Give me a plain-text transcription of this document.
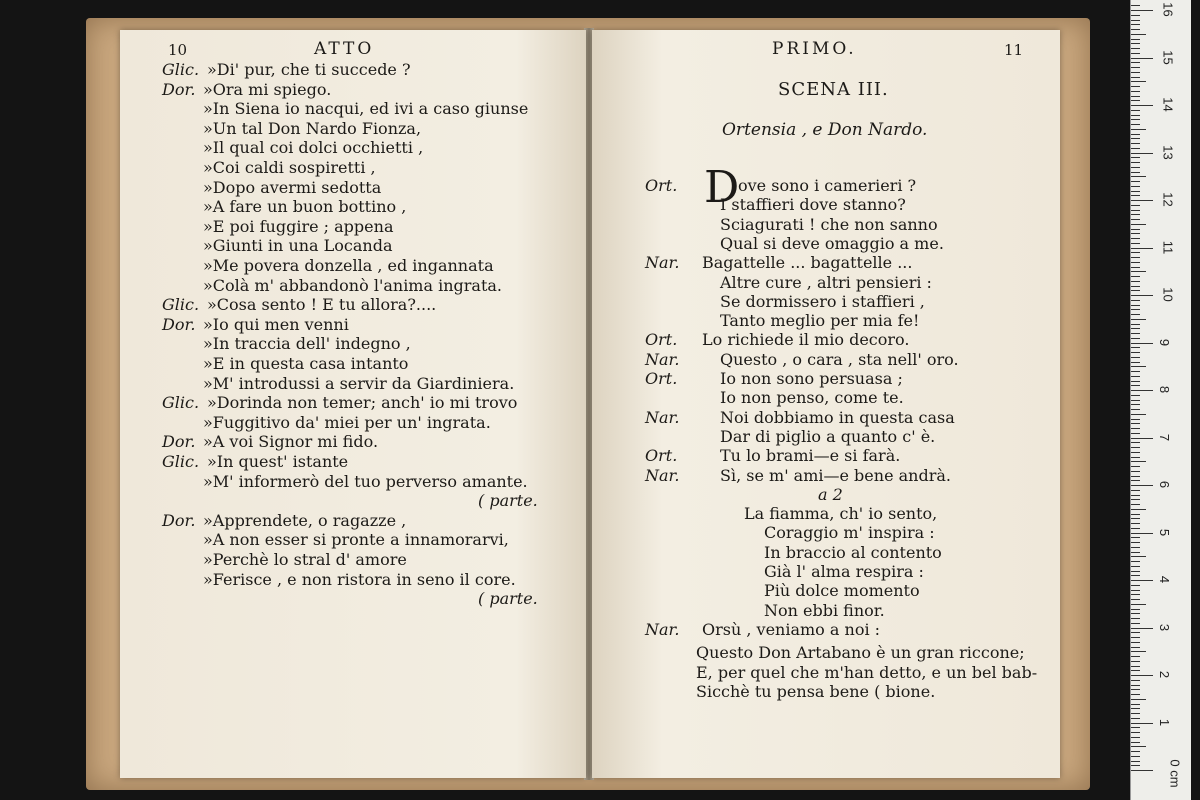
10	ATTO
Glic. »Di' pur, che ti succede ?
Dor. »Ora mi spiego.
»In Siena io nacqui, ed ivi a caso giunse
»Un tal Don Nardo Fionza,
»Il qual coi dolci occhietti ,
»Coi caldi sospiretti ,
»Dopo avermi sedotta
»A fare un buon bottino ,
»E poi fuggire ; appena
»Giunti in una Locanda
»Me povera donzella , ed ingannata
»Colà m' abbandonò l'anima ingrata.
Glic. »Cosa sento ! E tu allora?....
Dor. »Io qui men venni
»In traccia dell' indegno ,
»E in questa casa intanto
»M' introdussi a servir da Giardiniera.
Glic. »Dorinda non temer; anch' io mi trovo
»Fuggitivo da' miei per un' ingrata.
Dor. »A voi Signor mi fido.
Glic. »In quest' istante
»M' informerò del tuo perverso amante.
( parte.
Dor. »Apprendete, o ragazze ,
»A non esser si pronte a innamorarvi,
»Perchè lo stral d' amore
»Ferisce , e non ristora in seno il core.
( parte.
PRIMO.	11
SCENA III.
Ortensia , e Don Nardo.
D
Ort.	ove sono i camerieri ?
I staffieri dove stanno?
Sciagurati ! che non sanno
Qual si deve omaggio a me.
Nar. Bagattelle ... bagattelle ...
Altre cure , altri pensieri :
Se dormissero i staffieri ,
Tanto meglio per mia fe!
Ort. Lo richiede il mio decoro.
Nar.	Questo , o cara , sta nell' oro.
Ort.	Io non sono persuasa ;
Io non penso, come te.
Nar.	Noi dobbiamo in questa casa
Dar di piglio a quanto c' è.
Ort.	Tu lo brami—e si farà.
Nar.	Sì, se m' ami—e bene andrà.
a 2
La fiamma, ch' io sento,
Coraggio m' inspira :
In braccio al contento
Già l' alma respira :
Più dolce momento
Non ebbi finor.
Nar. Orsù , veniamo a noi :
Questo Don Artabano è un gran riccone;
E, per quel che m'han detto, e un bel bab-
Sicchè tu pensa bene ( bione.
0 cm
1
2
3
4
5
6
7
8
9
10
11
12
13
14
15
16
